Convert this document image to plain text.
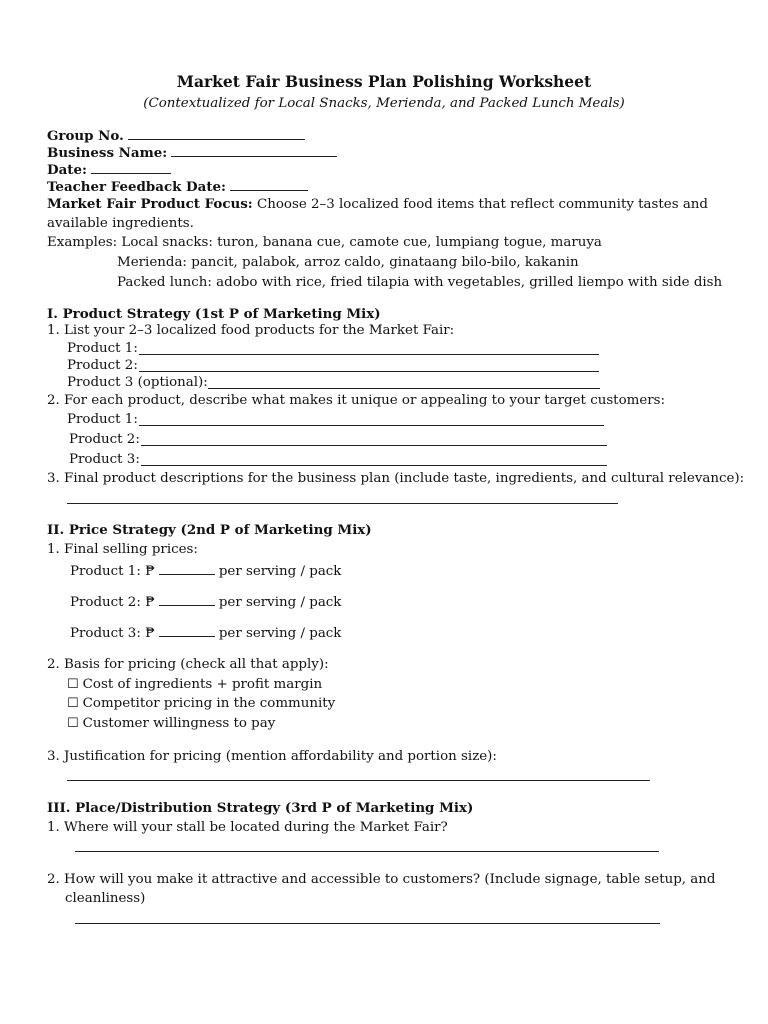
Market Fair Business Plan Polishing Worksheet
(Contextualized for Local Snacks, Merienda, and Packed Lunch Meals)
Group No.
Business Name:
Date:
Teacher Feedback Date:
Market Fair Product Focus: Choose 2–3 localized food items that reflect community tastes and
available ingredients.
Examples: Local snacks: turon, banana cue, camote cue, lumpiang togue, maruya
Merienda: pancit, palabok, arroz caldo, ginataang bilo-bilo, kakanin
Packed lunch: adobo with rice, fried tilapia with vegetables, grilled liempo with side dish
I. Product Strategy (1st P of Marketing Mix)
1. List your 2–3 localized food products for the Market Fair:
Product 1:
Product 2:
Product 3 (optional):
2. For each product, describe what makes it unique or appealing to your target customers:
Product 1:
Product 2:
Product 3:
3. Final product descriptions for the business plan (include taste, ingredients, and cultural relevance):
II. Price Strategy (2nd P of Marketing Mix)
1. Final selling prices:
Product 1: ₱	per serving / pack
Product 2: ₱	per serving / pack
Product 3: ₱	per serving / pack
2. Basis for pricing (check all that apply):
☐ Cost of ingredients + profit margin
☐ Competitor pricing in the community
☐ Customer willingness to pay
3. Justification for pricing (mention affordability and portion size):
III. Place/Distribution Strategy (3rd P of Marketing Mix)
1. Where will your stall be located during the Market Fair?
2. How will you make it attractive and accessible to customers? (Include signage, table setup, and
cleanliness)
